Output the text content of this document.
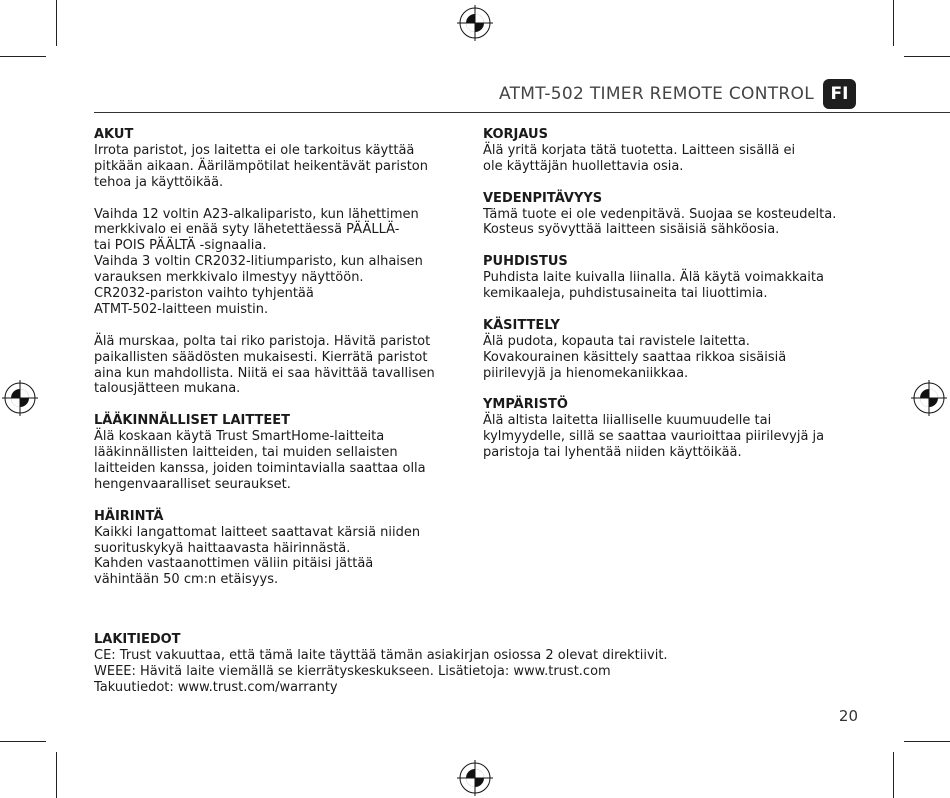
ATMT-502 TIMER REMOTE CONTROL FI
AKUT

Irrota paristot, jos laitetta ei ole tarkoitus käyttää

pitkään aikaan. Äärilämpötilat heikentävät pariston

tehoa ja käyttöikää.

Vaihda 12 voltin A23-alkaliparisto, kun lähettimen

merkkivalo ei enää syty lähetettäessä PÄÄLLÄ-

tai POIS PÄÄLTÄ -signaalia.

Vaihda 3 voltin CR2032-litiumparisto, kun alhaisen

varauksen merkkivalo ilmestyy näyttöön.

CR2032-pariston vaihto tyhjentää

ATMT-502-laitteen muistin.

Älä murskaa, polta tai riko paristoja. Hävitä paristot

paikallisten säädösten mukaisesti. Kierrätä paristot

aina kun mahdollista. Niitä ei saa hävittää tavallisen

talousjätteen mukana.

LÄÄKINNÄLLISET LAITTEET

Älä koskaan käytä Trust SmartHome-laitteita

lääkinnällisten laitteiden, tai muiden sellaisten

laitteiden kanssa, joiden toimintavialla saattaa olla

hengenvaaralliset seuraukset.

HÄIRINTÄ

Kaikki langattomat laitteet saattavat kärsiä niiden

suorituskykyä haittaavasta häirinnästä.

Kahden vastaanottimen väliin pitäisi jättää

vähintään 50 cm:n etäisyys.

KORJAUS

Älä yritä korjata tätä tuotetta. Laitteen sisällä ei

ole käyttäjän huollettavia osia.

VEDENPITÄVYYS

Tämä tuote ei ole vedenpitävä. Suojaa se kosteudelta.

Kosteus syövyttää laitteen sisäisiä sähköosia.

PUHDISTUS

Puhdista laite kuivalla liinalla. Älä käytä voimakkaita

kemikaaleja, puhdistusaineita tai liuottimia.

KÄSITTELY

Älä pudota, kopauta tai ravistele laitetta.

Kovakourainen käsittely saattaa rikkoa sisäisiä

piirilevyjä ja hienomekaniikkaa.

YMPÄRISTÖ

Älä altista laitetta liialliselle kuumuudelle tai

kylmyydelle, sillä se saattaa vaurioittaa piirilevyjä ja

paristoja tai lyhentää niiden käyttöikää.

LAKITIEDOT

CE: Trust vakuuttaa, että tämä laite täyttää tämän asiakirjan osiossa 2 olevat direktiivit.

WEEE: Hävitä laite viemällä se kierrätyskeskukseen. Lisätietoja: www.trust.com

Takuutiedot: www.trust.com/warranty

20
